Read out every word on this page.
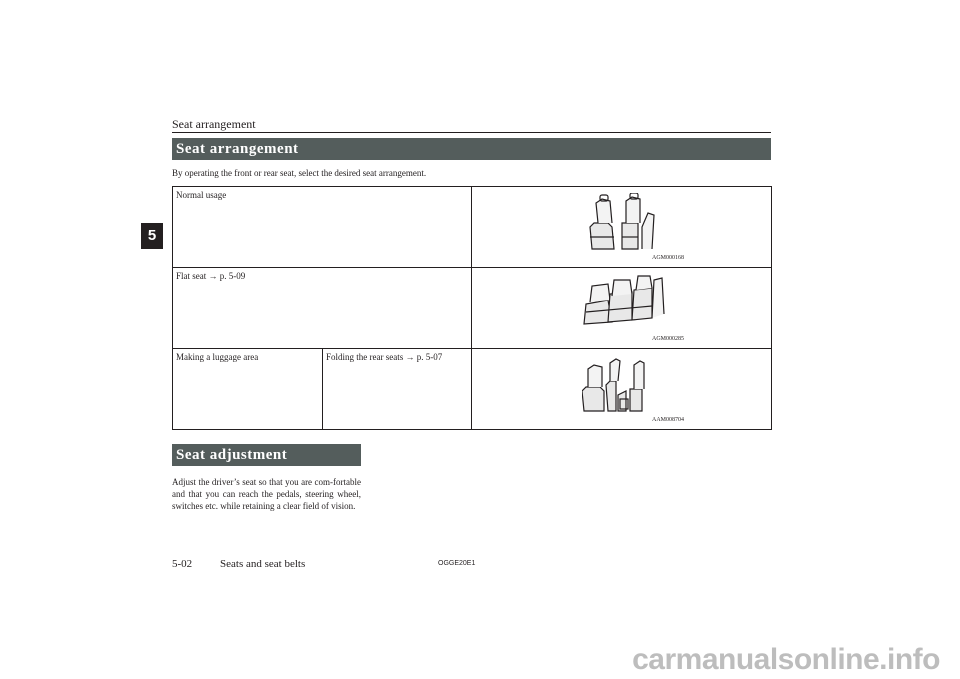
Seat arrangement
5
Seat arrangement
By operating the front or rear seat, select the desired seat arrangement.
Normal usage		AGM000168

Flat seat → p. 5-09		AGM000285

Making a luggage area	Folding the rear seats → p. 5-07	AAM008704
Seat adjustment
Adjust the driver’s seat so that you are com-fortable and that you can reach the pedals, steering wheel, switches etc. while retaining a clear field of vision.
5-02	Seats and seat belts	OGGE20E1
carmanualsonline.info
